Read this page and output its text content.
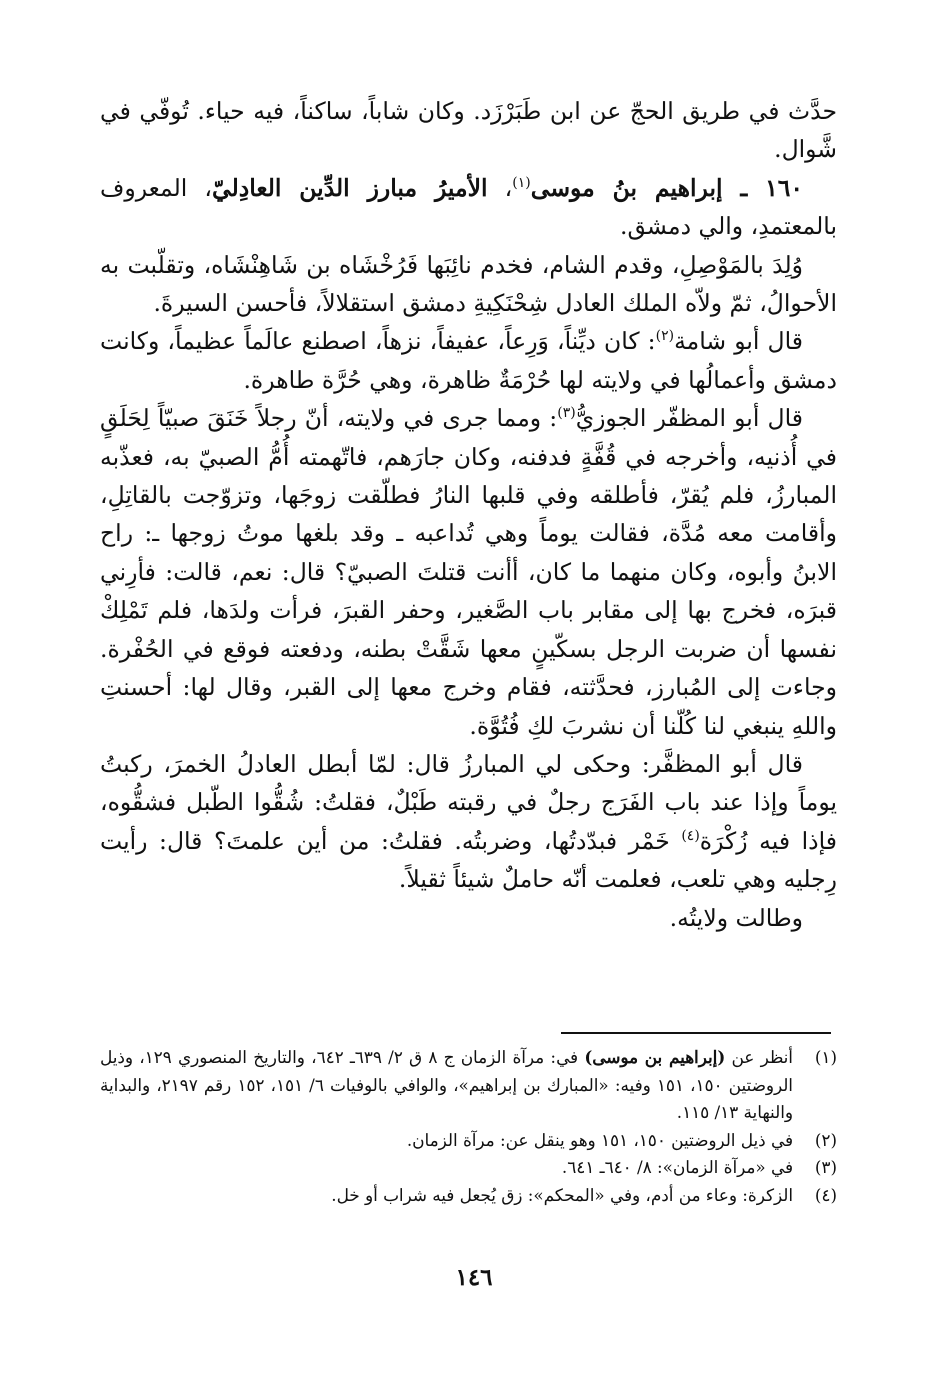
حدَّث في طريق الحجّ عن ابن طَبَرْزَد. وكان شاباً، ساكناً، فيه حياء. تُوفّي في شَّوال.

١٦٠ ـ إبراهيم بنُ موسى$^{(١)}$، الأميرُ مبارز الدِّين العادِليّ، المعروف بالمعتمدِ، والي دمشق.

وُلِدَ بالمَوْصِلِ، وقدم الشام، فخدم نائِبَها فَرُخْشَاه بن شَاهِنْشَاه، وتقلّبت به الأحوالُ، ثمّ ولاّه الملك العادل شِحْنَكِيةِ دمشق استقلالاً، فأحسن السيرةَ.

قال أبو شامة$^{(٢)}$: كان ديِّناً، وَرِعاً، عفيفاً، نزهاً، اصطنع عالَماً عظيماً، وكانت دمشق وأعمالُها في ولايته لها حُرْمَةٌ ظاهرة، وهي حُرَّة طاهرة.

قال أبو المظفّر الجوزيُّ$^{(٣)}$: ومما جرى في ولايته، أنّ رجلاً خَنَقَ صبيّاً لِحَلَقٍ في أُذنيه، وأخرجه في قُفَّةٍ فدفنه، وكان جارَهم، فاتّهمته أُمُّ الصبيّ به، فعذّبه المبارزُ، فلم يُقرّ، فأطلقه وفي قلبها النارُ فطلّقت زوجَها، وتزوّجت بالقاتِلِ، وأقامت معه مُدَّة، فقالت يوماً وهي تُداعبه ـ وقد بلغها موتُ زوجها ـ: راح الابنُ وأبوه، وكان منهما ما كان، أأنت قتلتَ الصبيّ؟ قال: نعم، قالت: فأرِني قبرَه، فخرج بها إلى مقابر باب الصَّغير، وحفر القبرَ، فرأت ولدَها، فلم تَمْلِكْ نفسها أن ضربت الرجل بسكّينٍ معها شَقَّتْ بطنه، ودفعته فوقع في الحُفْرة. وجاءت إلى المُبارز، فحدَّثته، فقام وخرج معها إلى القبر، وقال لها: أحسنتِ واللهِ ينبغي لنا كُلّنا أن نشربَ لكِ فُتُوَّة.

قال أبو المظفَّر: وحكى لي المبارزُ قال: لمّا أبطل العادلُ الخمرَ، ركبتُ يوماً وإذا عند باب الفَرَج رجلٌ في رقبته طَبْلٌ، فقلتُ: شُقُّوا الطّبل فشقُّوه، فإذا فيه زُكْرَة$^{(٤)}$ خَمْر فبدّدتُها، وضربتُه. فقلتُ: من أين علمتَ؟ قال: رأيت رِجليه وهي تلعب، فعلمت أنّه حاملٌ شيئاً ثقيلاً.

وطالت ولايتُه.

(١)
أنظر عن (إبراهيم بن موسى) في: مرآة الزمان ج ٨ ق ٢/ ٦٣٩ـ ٦٤٢، والتاريخ المنصوري ١٢٩، وذيل الروضتين ١٥٠، ١٥١ وفيه: «المبارك بن إبراهيم»، والوافي بالوفيات ٦/ ١٥١، ١٥٢ رقم ٢١٩٧، والبداية والنهاية ١٣/ ١١٥.
(٢)
في ذيل الروضتين ١٥٠، ١٥١ وهو ينقل عن: مرآة الزمان.
(٣)
في «مرآة الزمان»: ٨/ ٦٤٠ـ ٦٤١.
(٤)
الزكرة: وعاء من أدم، وفي «المحكم»: زق يُجعل فيه شراب أو خل.
١٤٦
